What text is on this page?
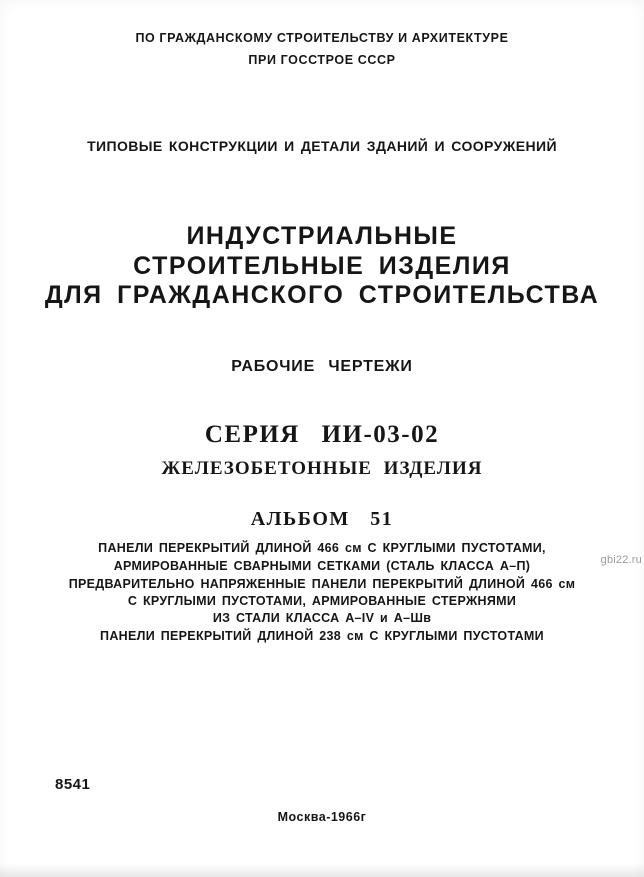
ПО ГРАЖДАНСКОМУ СТРОИТЕЛЬСТВУ И АРХИТЕКТУРЕ
ПРИ ГОССТРОЕ СССР
ТИПОВЫЕ КОНСТРУКЦИИ И ДЕТАЛИ ЗДАНИЙ И СООРУЖЕНИЙ
ИНДУСТРИАЛЬНЫЕ
СТРОИТЕЛЬНЫЕ ИЗДЕЛИЯ
ДЛЯ ГРАЖДАНСКОГО СТРОИТЕЛЬСТВА
РАБОЧИЕ ЧЕРТЕЖИ
СЕРИЯ ИИ-03-02
ЖЕЛЕЗОБЕТОННЫЕ ИЗДЕЛИЯ
АЛЬБОМ 51
ПАНЕЛИ ПЕРЕКРЫТИЙ ДЛИНОЙ 466 см С КРУГЛЫМИ ПУСТОТАМИ,
АРМИРОВАННЫЕ СВАРНЫМИ СЕТКАМИ (СТАЛЬ КЛАССА А–П)
ПРЕДВАРИТЕЛЬНО НАПРЯЖЕННЫЕ ПАНЕЛИ ПЕРЕКРЫТИЙ ДЛИНОЙ 466 см
С КРУГЛЫМИ ПУСТОТАМИ, АРМИРОВАННЫЕ СТЕРЖНЯМИ
ИЗ СТАЛИ КЛАССА А–IV и А–Шв
ПАНЕЛИ ПЕРЕКРЫТИЙ ДЛИНОЙ 238 см С КРУГЛЫМИ ПУСТОТАМИ
gbi22.ru
8541
Москва-1966г
